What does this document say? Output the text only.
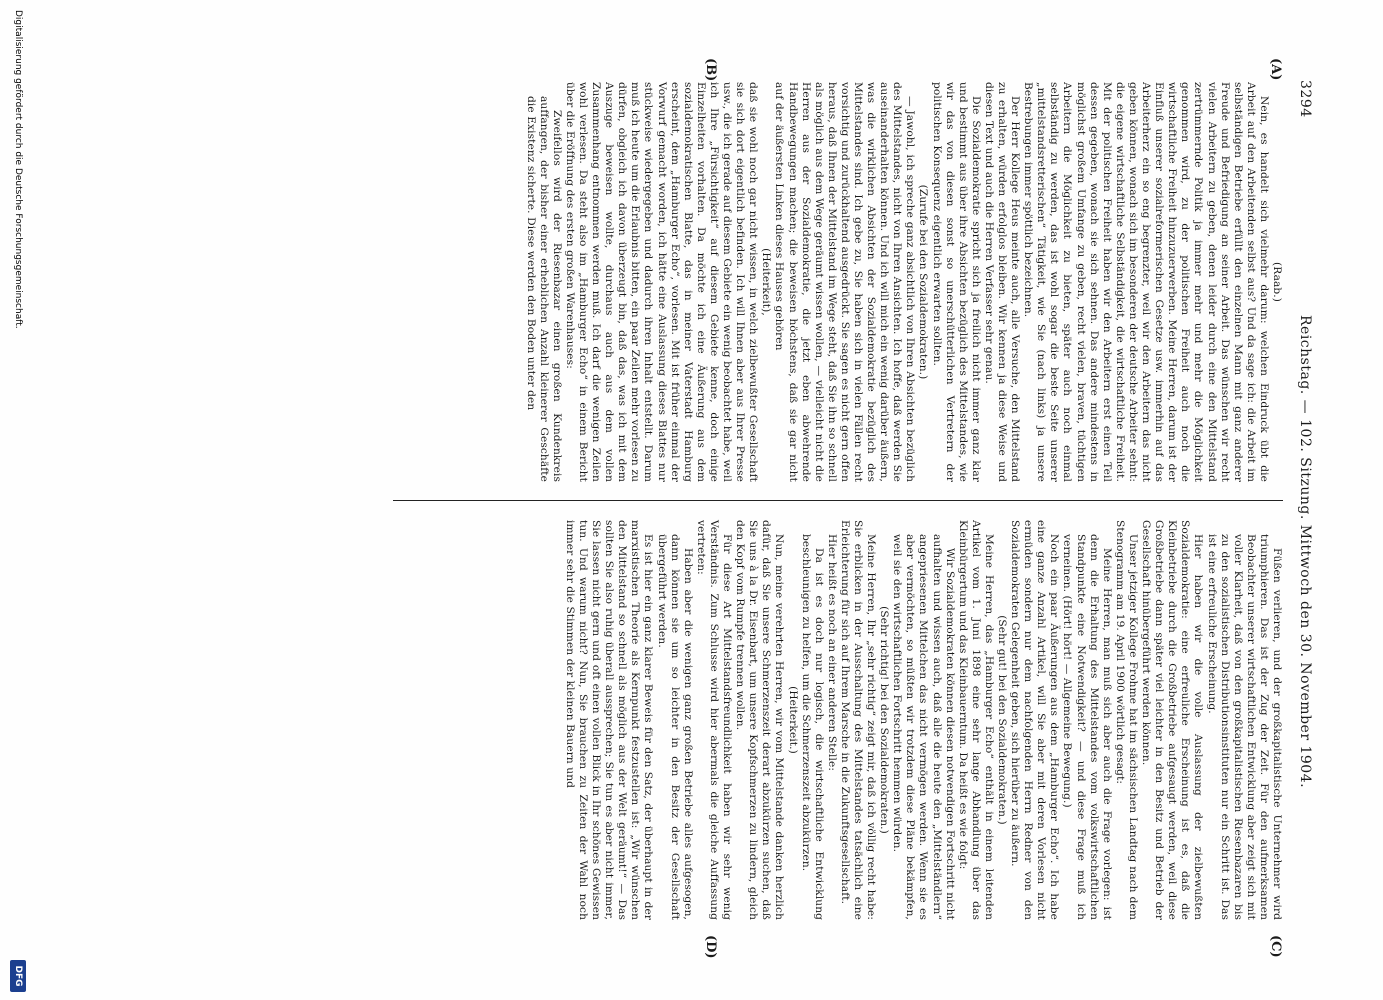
3294
Reichstag. — 102. Sitzung. Mittwoch den 30. November 1904.
(A)
(B)
(C)
(D)

(Raab.)

Nein, es handelt sich vielmehr darum: welchen Eindruck übt die Arbeit auf den Arbeitenden selbst aus? Und da sage ich: die Arbeit im selbständigen Betriebe erfüllt den einzelnen Mann mit ganz anderer Freude und Befriedigung an seiner Arbeit. Das wünschen wir recht vielen Arbeitern zu geben, denen leider durch eine den Mittelstand zertrümmernde Politik ja immer mehr und mehr die Möglichkeit genommen wird, zu der politischen Freiheit auch noch die wirtschaftliche Freiheit hinzuzuerwerben. Meine Herren, darum ist der Einfluß unserer sozialreformerischen Gesetze usw. immerhin auf das Arbeiterherz ein so eng begrenzter, weil wir den Arbeitern das nicht geben können, wonach sich im besonderen der deutsche Arbeiter sehnt: die eigene wirtschaftliche Selbständigkeit, die wirtschaftliche Freiheit. Mit der politischen Freiheit haben wir den Arbeitern erst einen Teil dessen gegeben, wonach sie sich sehnen. Das andere mindestens in möglichst großem Umfange zu geben, recht vielen, braven, tüchtigen Arbeitern die Möglichkeit zu bieten, später auch noch einmal selbständig zu werden, das ist wohl sogar die beste Seite unserer „mittelstandsretterischen“ Tätigkeit, wie Sie (nach links) ja unsere Bestrebungen immer spöttlich bezeichnen.

Der Herr Kollege Heus meinte auch, alle Versuche, den Mittelstand zu erhalten, würden erfolglos bleiben. Wir kennen ja diese Weise und diesen Text und auch die Herren Verfasser sehr genau.

Die Sozialdemokratie spricht sich ja freilich nicht immer ganz klar und bestimmt aus über ihre Absichten bezüglich des Mittelstandes, wie wir das von diesen sonst so unerschütterlichen Vertretern der politischen Konsequenz eigentlich erwarten sollten.

(Zurufe bei den Sozialdemokraten.)

— Jawohl, ich spreche ganz absichtlich von Ihren Absichten bezüglich des Mittelstandes, nicht von Ihren Ansichten. Ich hoffe, daß werden Sie auseinanderhalten können. Und ich will mich ein wenig darüber äußern, was die wirklichen Absichten der Sozialdemokratie bezüglich des Mittelstandes sind. Ich gebe zu, Sie haben sich in vielen Fällen recht vorsichtig und zurückhaltend ausgedrückt. Sie sagen es nicht gern offen heraus, daß Ihnen der Mittelstand im Wege steht, daß Sie ihn so schnell als möglich aus dem Wege geräumt wissen wollen, — vielleicht nicht die Herren aus der Sozialdemokratie, die jetzt eben abwehrende Handbewegungen machen; die beweisen höchstens, daß sie gar nicht auf der äußersten Linken dieses Hauses gehören

(Heiterkeit),

daß sie wohl noch gar nicht wissen, in welch zielbewußter Gesellschaft sie sich dort eigentlich befinden. Ich will Ihnen aber aus Ihrer Presse usw., die ich gerade auf diesem Gebiete ein wenig beobachtet habe, weil ich Ihre „Fürsichtigkeit“ auf diesem Gebiete kenne, doch einige Einzelheiten vorhalten. Da möchte ich eine Äußerung aus dem sozialdemokratischen Blatte, das in meiner Vaterstadt Hamburg erscheint, dem „Hamburger Echo“, vorlesen. Mit ist früher einmal der Vorwurf gemacht worden, ich hätte eine Auslassung dieses Blattes nur stückweise wiedergegeben und dadurch ihren Inhalt entstellt. Darum muß ich heute um die Erlaubnis bitten, ein paar Zeilen mehr vorlesen zu dürfen, obgleich ich davon überzeugt bin, daß das, was ich mit dem Auszuge beweisen wollte, durchaus auch aus dem vollen Zusammenhang entnommen werden muß. Ich darf die wenigen Zeilen wohl verlesen. Da steht also im „Hamburger Echo“ in einem Bericht über die Eröffnung des ersten großen Warenhauses:

Zweifellos wird der Riesenbazar einen großen Kundenkreis auffangen, der bisher einer erheblichen Anzahl kleinerer Geschäfte die Existenz sicherte. Diese werden den Boden unter den

Füßen verlieren, und der großkapitalistische Unternehmer wird triumphieren. Das ist der Zug der Zeit. Für den aufmerksamen Beobachter unserer wirtschaftlichen Entwicklung aber zeigt sich mit voller Klarheit, daß von den großkapitalistischen Riesenbazaren bis zu den sozialistischen Distributionsinstituten nur ein Schritt ist. Das ist eine erfreuliche Erscheinung.

Hier haben wir die volle Auslassung der zielbewußten Sozialdemokratie: eine erfreuliche Erscheinung ist es, daß die Kleinbetriebe durch die Großbetriebe aufgesaugt werden, weil diese Großbetriebe dann später viel leichter in den Besitz und Betrieb der Gesellschaft hinübergeführt werden können.

Unser jetziger Kollege Frohme hat im sächsischen Landtag nach dem Stenogramm am 19. April 1900 wörtlich gesagt:

Meine Herren, man muß sich aber auch die Frage vorlegen: ist denn die Erhaltung des Mittelstandes vom volkswirtschaftlichen Standpunkte eine Notwendigkeit? — und diese Frage muß ich verneinen. (Hört! hört! — Allgemeine Bewegung.)

Noch ein paar Äußerungen aus dem „Hamburger Echo“. Ich habe eine ganze Anzahl Artikel, will Sie aber mit deren Vorlesen nicht ermüden sondern nur dem nachfolgenden Herrn Redner von den Sozialdemokraten Gelegenheit geben, sich hierüber zu äußern.

(Sehr gut! bei den Sozialdemokraten.)

Meine Herren, das „Hamburger Echo“ enthält in einem leitenden Artikel vom 1. Juni 1898 eine sehr lange Abhandlung über das Kleinbürgertum und das Kleinbauerntum. Da heißt es wie folgt:

Wir Sozialdemokraten können diesen notwendigen Fortschritt nicht aufhalten und wissen auch, daß alle die heute den „Mittelständlern“ angepriesenen Mittelchen das nicht vermögen werden. Wenn sie es aber vermöchten, so müßten wir trotzdem diese Pläne bekämpfen, weil sie den wirtschaftlichen Fortschritt hemmen würden.

(Sehr richtig! bei den Sozialdemokraten.)

Meine Herren, Ihr „sehr richtig“ zeigt mir, daß ich völlig recht habe: Sie erblicken in der Ausschaltung des Mittelstandes tatsächlich eine Erleichterung für sich auf Ihrem Marsche in die Zukunftsgesellschaft.

Hier heißt es noch an einer anderen Stelle:

Da ist es doch nur logisch, die wirtschaftliche Entwicklung beschleunigen zu helfen, um die Schmerzenszeit abzukürzen.

(Heiterkeit.)

Nun, meine verehrten Herren, wir vom Mittelstande danken herzlich dafür, daß Sie unsere Schmerzenszeit derart abzukürzen suchen, daß Sie uns à la Dr. Eisenbart, um unsere Kopfschmerzen zu lindern, gleich den Kopf vom Rumpfe trennen wollen.

Für diese Art Mittelstandsfreundlichkeit haben wir sehr wenig Verständnis. Zum Schlusse wird hier abermals die gleiche Auffassung vertreten:

Haben aber die wenigen ganz großen Betriebe alles aufgesogen, dann können sie um so leichter in den Besitz der Gesellschaft übergeführt werden.

Es ist hier ein ganz klarer Beweis für den Satz, der überhaupt in der marxistischen Theorie als Kernpunkt festzustellen ist: „Wir wünschen den Mittelstand so schnell als möglich aus der Welt geräumt!“ — Das sollten Sie also ruhig überall aussprechen; Sie tun es aber nicht immer, Sie lassen nicht gern und oft einen vollen Blick in Ihr schönes Gewissen tun. Und warum nicht? Nun, Sie brauchen zu Zeiten der Wahl noch immer sehr die Stimmen der kleinen Bauern und

Digitalisierung gefördert durch die Deutsche Forschungsgemeinschaft.
DFG
